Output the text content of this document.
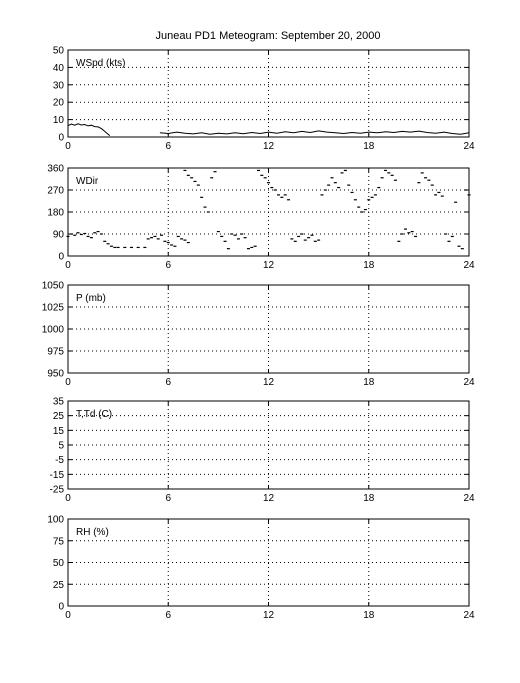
Juneau PD1 Meteogram: September 20, 2000
0	6	12	18	24
0
10
20
30
40
50
WSpd (kts)
0	6	12	18	24
0
90
180
270
360
WDir
0	6	12	18	24
950
975
1000
1025
1050
P (mb)
0	6	12	18	24
-25
-15
-5
5
15
25
35
T,Td (C)
0	6	12	18	24
0
25
50
75
100
RH (%)
